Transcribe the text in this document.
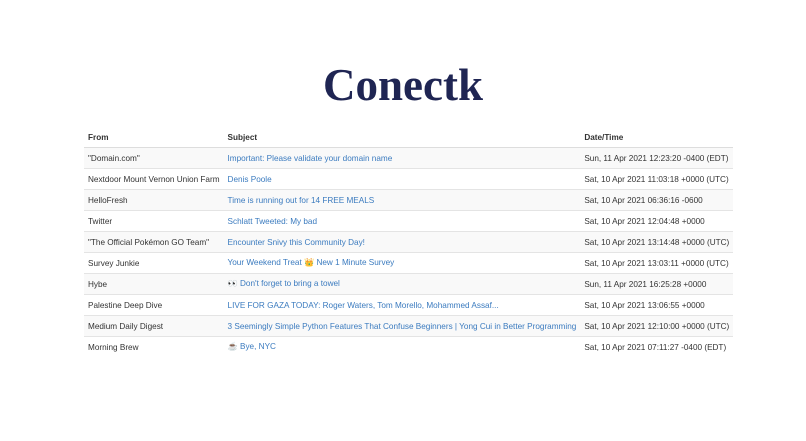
Conectk
From	Subject	Date/Time
"Domain.com"	Important: Please validate your domain name	Sun, 11 Apr 2021 12:23:20 -0400 (EDT)
Nextdoor Mount Vernon Union Farm	Denis Poole	Sat, 10 Apr 2021 11:03:18 +0000 (UTC)
HelloFresh	Time is running out for 14 FREE MEALS	Sat, 10 Apr 2021 06:36:16 -0600
Twitter	Schlatt Tweeted: My bad	Sat, 10 Apr 2021 12:04:48 +0000
"The Official Pokémon GO Team"	Encounter Snivy this Community Day!	Sat, 10 Apr 2021 13:14:48 +0000 (UTC)
Survey Junkie	Your Weekend Treat 👑 New 1 Minute Survey	Sat, 10 Apr 2021 13:03:11 +0000 (UTC)
Hybe	👀 Don't forget to bring a towel	Sun, 11 Apr 2021 16:25:28 +0000
Palestine Deep Dive	LIVE FOR GAZA TODAY: Roger Waters, Tom Morello, Mohammed Assaf...	Sat, 10 Apr 2021 13:06:55 +0000
Medium Daily Digest	3 Seemingly Simple Python Features That Confuse Beginners | Yong Cui in Better Programming	Sat, 10 Apr 2021 12:10:00 +0000 (UTC)
Morning Brew	☕ Bye, NYC	Sat, 10 Apr 2021 07:11:27 -0400 (EDT)
